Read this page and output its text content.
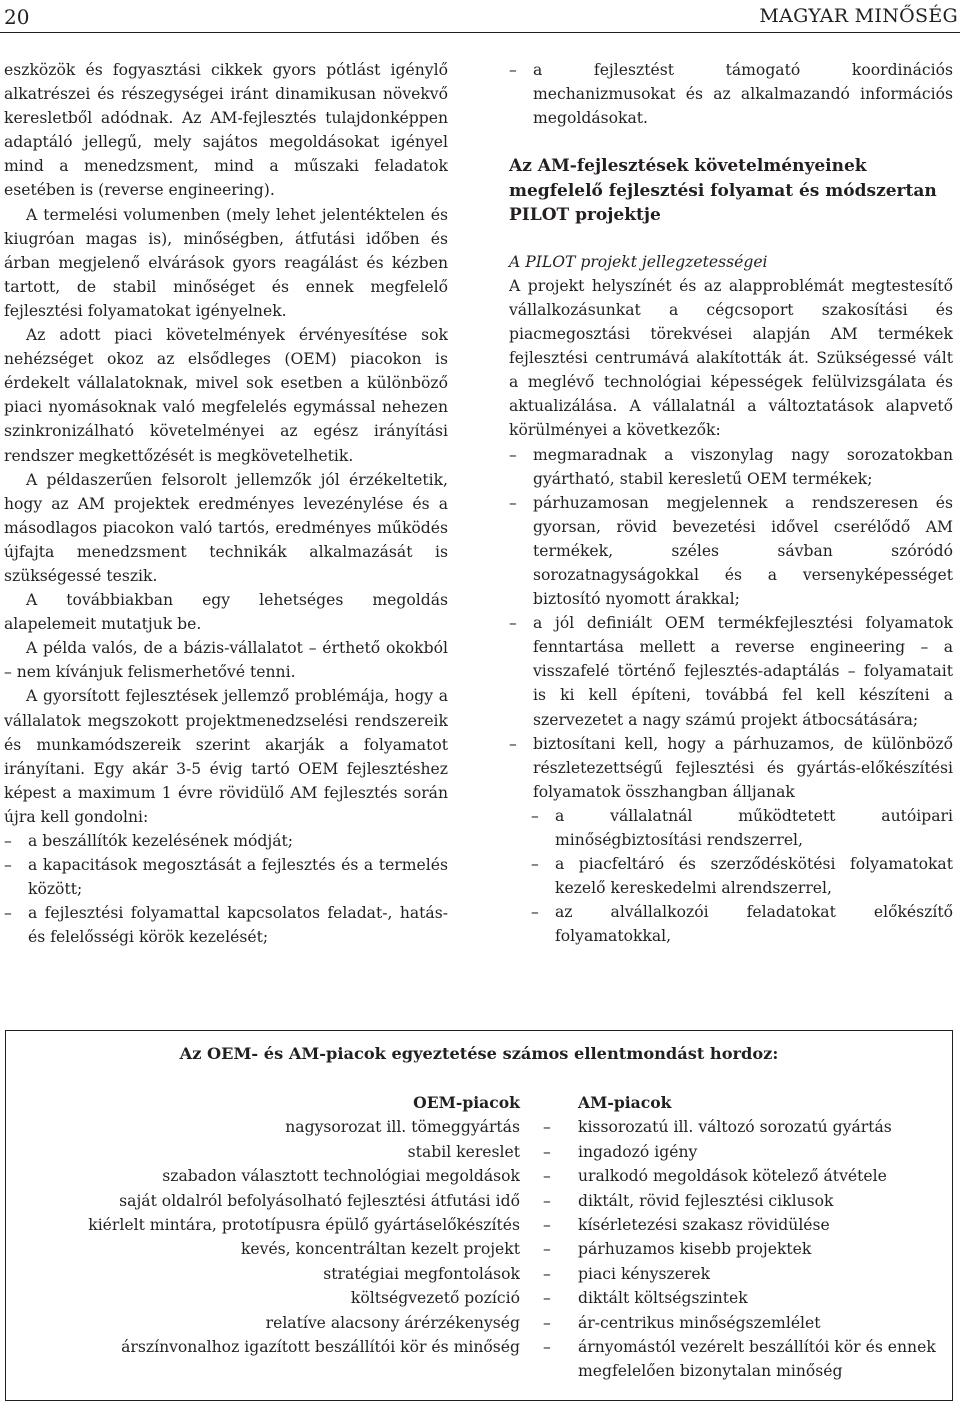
20	MAGYAR MINŐSÉG

eszközök és fogyasztási cikkek gyors pótlást igénylő alkatrészei és részegységei iránt dinamikusan növekvő keresletből adódnak. Az AM-fejlesztés tulajdonképpen adaptáló jellegű, mely sajátos megoldásokat igényel mind a menedzsment, mind a műszaki feladatok esetében is (reverse engineering).

A termelési volumenben (mely lehet jelentéktelen és kiugróan magas is), minőségben, átfutási időben és árban megjelenő elvárások gyors reagálást és kézben tartott, de stabil minőséget és ennek megfelelő fejlesztési folyamatokat igényelnek.

Az adott piaci követelmények érvényesítése sok nehézséget okoz az elsődleges (OEM) piacokon is érdekelt vállalatoknak, mivel sok esetben a különböző piaci nyomásoknak való megfelelés egymással nehezen szinkronizálható követelményei az egész irányítási rendszer megkettőzését is megkövetelhetik.

A példaszerűen felsorolt jellemzők jól érzékeltetik, hogy az AM projektek eredményes levezénylése és a másodlagos piacokon való tartós, eredményes működés újfajta menedzsment technikák alkalmazását is szükségessé teszik.

A továbbiakban egy lehetséges megoldás alapelemeit mutatjuk be.

A példa valós, de a bázis-vállalatot – érthető okokból – nem kívánjuk felismerhetővé tenni.

A gyorsított fejlesztések jellemző problémája, hogy a vállalatok megszokott projektmenedzselési rendszereik és munkamódszereik szerint akarják a folyamatot irányítani. Egy akár 3-5 évig tartó OEM fejlesztéshez képest a maximum 1 évre rövidülő AM fejlesztés során újra kell gondolni:

– a beszállítók kezelésének módját;
– a kapacitások megosztását a fejlesztés és a termelés között;
– a fejlesztési folyamattal kapcsolatos feladat-, hatás- és felelősségi körök kezelését;
– a fejlesztést támogató koordinációs mechanizmusokat és az alkalmazandó információs megoldásokat.
Az AM-fejlesztések követelményeinek megfelelő fejlesztési folyamat és módszertan PILOT projektje

A PILOT projekt jellegzetességei

A projekt helyszínét és az alapproblémát megtestesítő vállalkozásunkat a cégcsoport szakosítási és piacmegosztási törekvései alapján AM termékek fejlesztési centrumává alakították át. Szükségessé vált a meglévő technológiai képességek felülvizsgálata és aktualizálása. A vállalatnál a változtatások alapvető körülményei a következők:

– megmaradnak a viszonylag nagy sorozatokban gyártható, stabil keresletű OEM termékek;
– párhuzamosan megjelennek a rendszeresen és gyorsan, rövid bevezetési idővel cserélődő AM termékek, széles sávban szóródó sorozatnagyságokkal és a versenyképességet biztosító nyomott árakkal;
– a jól definiált OEM termékfejlesztési folyamatok fenntartása mellett a reverse engineering – a visszafelé történő fejlesztés-adaptálás – folyamatait is ki kell építeni, továbbá fel kell készíteni a szervezetet a nagy számú projekt átbocsátására;
– biztosítani kell, hogy a párhuzamos, de különböző részletezettségű fejlesztési és gyártás-előkészítési folyamatok összhangban álljanak
– a vállalatnál működtetett autóipari minőségbiztosítási rendszerrel,
– a piacfeltáró és szerződéskötési folyamatokat kezelő kereskedelmi alrendszerrel,
– az alvállalkozói feladatokat előkészítő folyamatokkal,
Az OEM- és AM-piacok egyeztetése számos ellentmondást hordoz:
OEM-piacok	AM-piacok
nagysorozat ill. tömeggyártás – kissorozatú ill. változó sorozatú gyártás
stabil kereslet – ingadozó igény
szabadon választott technológiai megoldások – uralkodó megoldások kötelező átvétele
saját oldalról befolyásolható fejlesztési átfutási idő – diktált, rövid fejlesztési ciklusok
kiérlelt mintára, prototípusra épülő gyártáselőkészítés – kísérletezési szakasz rövidülése
kevés, koncentráltan kezelt projekt – párhuzamos kisebb projektek
stratégiai megfontolások – piaci kényszerek
költségvezető pozíció – diktált költségszintek
relatíve alacsony árérzékenység – ár-centrikus minőségszemlélet
árszínvonalhoz igazított beszállítói kör és minőség – árnyomástól vezérelt beszállítói kör és ennek megfelelően bizonytalan minőség
